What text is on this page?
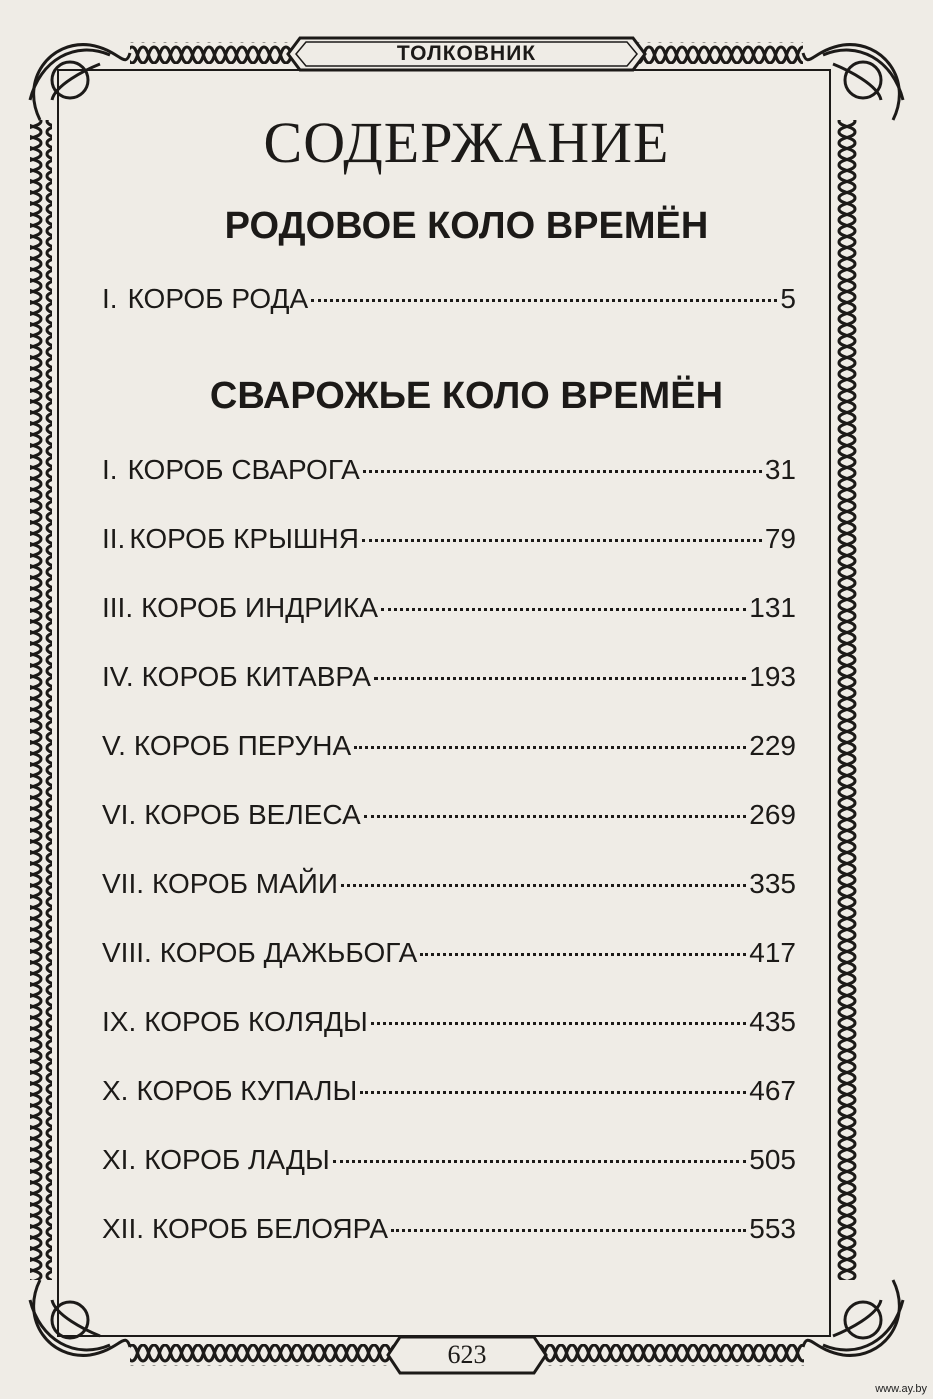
ТОЛКОВНИК
СОДЕРЖАНИЕ
РОДОВОЕ КОЛО ВРЕМЁН
I. КОРОБ РОДА	5
СВАРОЖЬЕ КОЛО ВРЕМЁН
I. КОРОБ СВАРОГА	31
II. КОРОБ КРЫШНЯ	79
III. КОРОБ ИНДРИКА	131
IV. КОРОБ КИТАВРА	193
V. КОРОБ ПЕРУНА	229
VI. КОРОБ ВЕЛЕСА	269
VII. КОРОБ МАЙИ	335
VIII. КОРОБ ДАЖЬБОГА	417
IX. КОРОБ КОЛЯДЫ	435
X. КОРОБ КУПАЛЫ	467
XI. КОРОБ ЛАДЫ	505
XII. КОРОБ БЕЛОЯРА	553
623
www.ay.by
